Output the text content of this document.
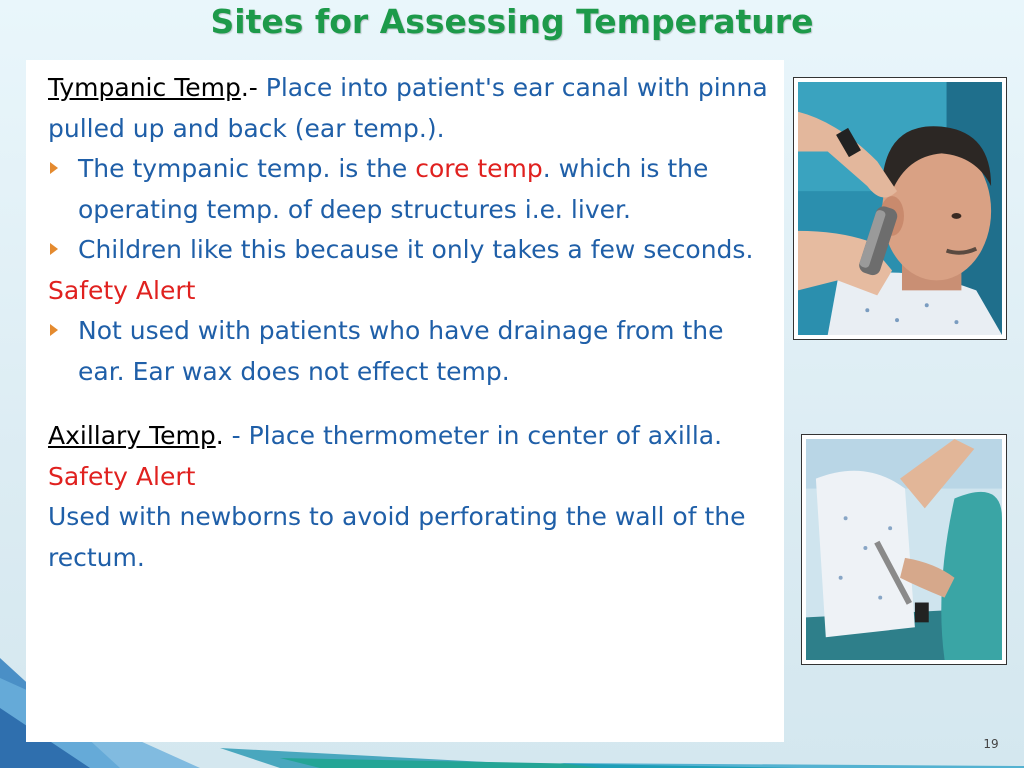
Sites for Assessing Temperature

Tympanic Temp.- Place into patient's ear canal with pinna pulled up and back (ear temp.).

The tympanic temp. is the core temp. which is the operating temp. of deep structures i.e. liver.

Children like this because it only takes a few seconds.

Safety Alert

Not used with patients who have drainage from the ear. Ear wax does not effect temp.

Axillary Temp. - Place thermometer in center of axilla.

Safety Alert

Used with newborns to avoid perforating the wall of the rectum.

19
